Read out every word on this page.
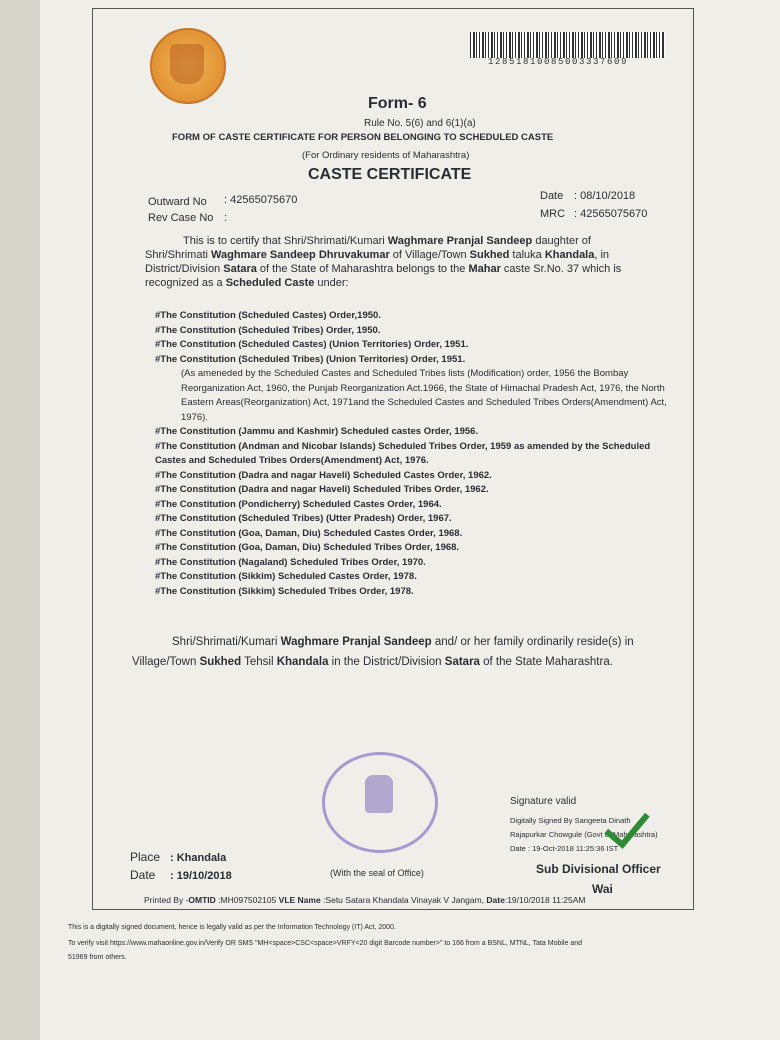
128518100850033376​09
Form- 6
Rule No. 5(6) and 6(1)(a)
FORM OF CASTE CERTIFICATE FOR PERSON BELONGING TO SCHEDULED CASTE
(For Ordinary residents of Maharashtra)
CASTE CERTIFICATE
Outward No : 42565075670
Rev Case No :
Date : 08/10/2018
MRC : 42565075670
This is to certify that Shri/Shrimati/Kumari Waghmare Pranjal Sandeep daughter of
Shri/Shrimati Waghmare Sandeep Dhruvakumar of Village/Town Sukhed taluka Khandala, in
District/Division Satara of the State of Maharashtra belongs to the Mahar caste Sr.No. 37 which is
recognized as a Scheduled Caste under:
#The Constitution (Scheduled Castes) Order,1950.
#The Constitution (Scheduled Tribes) Order, 1950.
#The Constitution (Scheduled Castes) (Union Territories) Order, 1951.
#The Constitution (Scheduled Tribes) (Union Territories) Order, 1951.
(As ameneded by the Scheduled Castes and Scheduled Tribes lists (Modification) order, 1956 the Bombay Reorganization Act, 1960, the Punjab Reorganization Act.1966, the State of Himachal Pradesh Act, 1976, the North Eastern Areas(Reorganization) Act, 1971and the Scheduled Castes and Scheduled Tribes Orders(Amendment) Act, 1976).
#The Constitution (Jammu and Kashmir) Scheduled castes Order, 1956.
#The Constitution (Andman and Nicobar Islands) Scheduled Tribes Order, 1959 as amended by the Scheduled Castes and Scheduled Tribes Orders(Amendment) Act, 1976.
#The Constitution (Dadra and nagar Haveli) Scheduled Castes Order, 1962.
#The Constitution (Dadra and nagar Haveli) Scheduled Tribes Order, 1962.
#The Constitution (Pondicherry) Scheduled Castes Order, 1964.
#The Constitution (Scheduled Tribes) (Utter Pradesh) Order, 1967.
#The Constitution (Goa, Daman, Diu) Scheduled Castes Order, 1968.
#The Constitution (Goa, Daman, Diu) Scheduled Tribes Order, 1968.
#The Constitution (Nagaland) Scheduled Tribes Order, 1970.
#The Constitution (Sikkim) Scheduled Castes Order, 1978.
#The Constitution (Sikkim) Scheduled Tribes Order, 1978.
Shri/Shrimati/Kumari Waghmare Pranjal Sandeep and/ or her family ordinarily reside(s) in
Village/Town Sukhed Tehsil Khandala in the District/Division Satara of the State Maharashtra.
Signature valid
Digitally Signed By Sangeeta Dinath
Rajapurkar Chowgule (Govt of Maharashtra)
Date : 19-Oct-2018 11:25:36 IST
Sub Divisional Officer
Wai
Place : Khandala
Date : 19/10/2018	(With the seal of Office)
Printed By -OMTID :MH097502105 VLE Name :Setu Satara Khandala Vinayak V Jangam, Date:19/10/2018 11:25AM
This is a digitally signed document, hence is legally valid as per the Information Technology (IT) Act, 2000.
To verify visit https://www.mahaonline.gov.in/Verify OR SMS "MH<space>CSC<space>VRFY<20 digit Barcode number>" to 166 from a BSNL, MTNL, Tata Mobile and
51969 from others.
